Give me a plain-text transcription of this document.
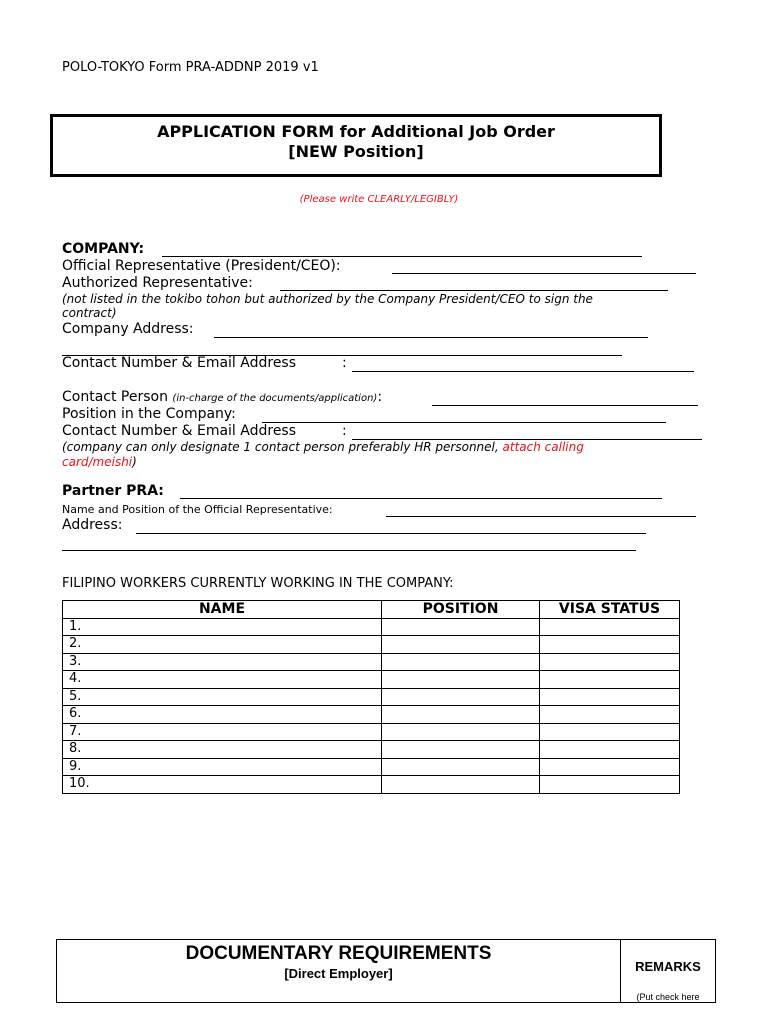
POLO-TOKYO Form PRA-ADDNP 2019 v1
APPLICATION FORM for Additional Job Order
[NEW Position]
(Please write CLEARLY/LEGIBLY)
COMPANY:
Official Representative (President/CEO):
Authorized Representative:
(not listed in the tokibo tohon but authorized by the Company President/CEO to sign the
contract)
Company Address:
Contact Number & Email Address	:
Contact Person (in-charge of the documents/application):
Position in the Company:
Contact Number & Email Address	:
(company can only designate 1 contact person preferably HR personnel, attach calling
card/meishi)
Partner PRA:
Name and Position of the Official Representative:
Address:
FILIPINO WORKERS CURRENTLY WORKING IN THE COMPANY:
NAME	POSITION	VISA STATUS
1.		
2.		
3.		
4.		
5.		
6.		
7.		
8.		
9.		
10.		
DOCUMENTARY REQUIREMENTS
[Direct Employer]	REMARKS
(Put check here
